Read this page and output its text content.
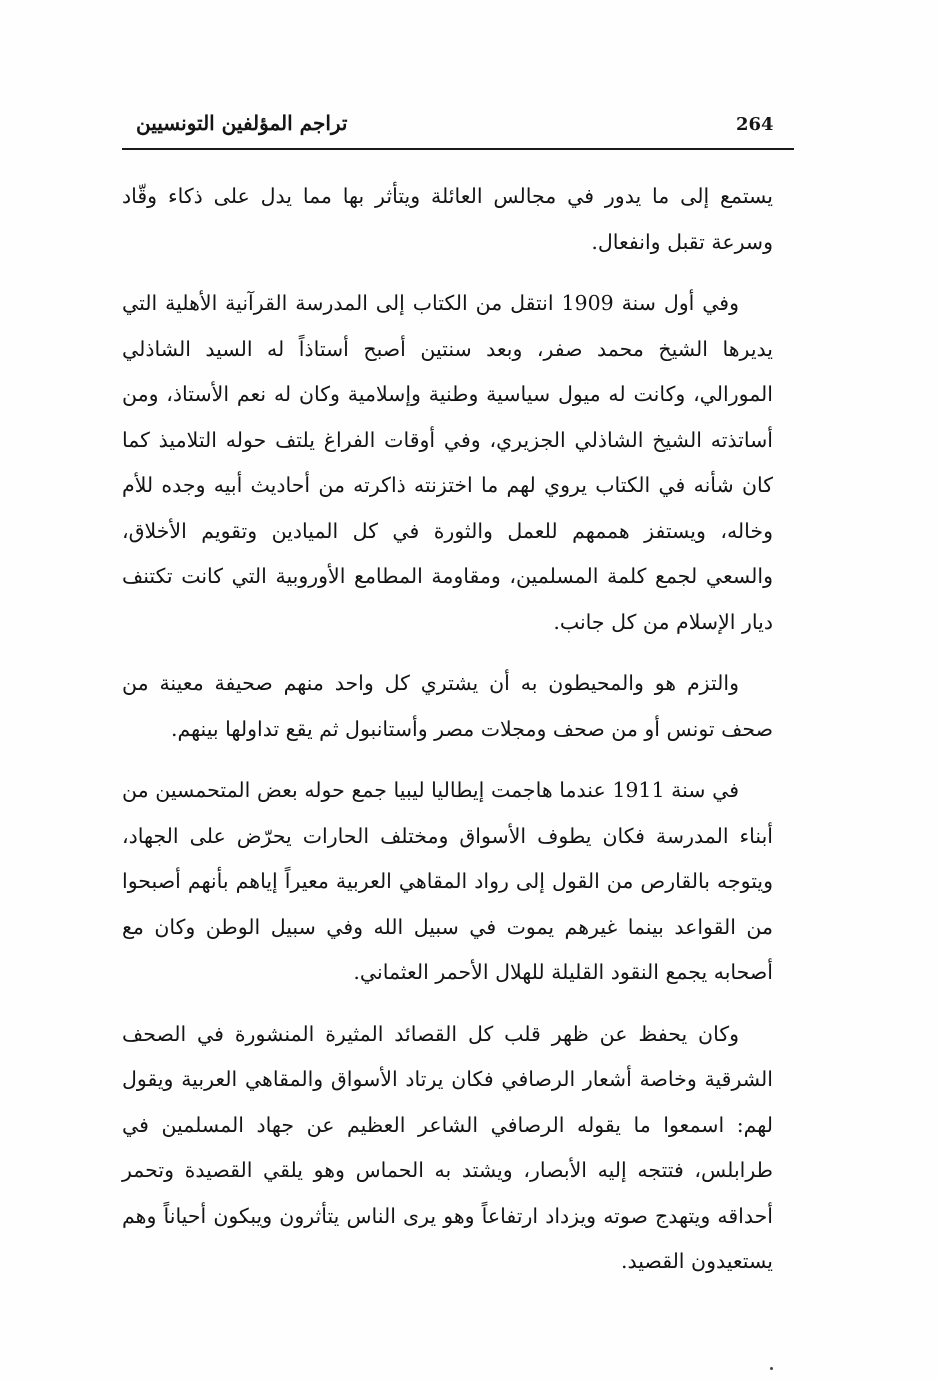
264
تراجم المؤلفين التونسيين

يستمع إلى ما يدور في مجالس العائلة ويتأثر بها مما يدل على ذكاء وقّاد وسرعة تقبل وانفعال.

وفي أول سنة 1909 انتقل من الكتاب إلى المدرسة القرآنية الأهلية التي يديرها الشيخ محمد صفر، وبعد سنتين أصبح أستاذاً له السيد الشاذلي المورالي، وكانت له ميول سياسية وطنية وإسلامية وكان له نعم الأستاذ، ومن أساتذته الشيخ الشاذلي الجزيري، وفي أوقات الفراغ يلتف حوله التلاميذ كما كان شأنه في الكتاب يروي لهم ما اختزنته ذاكرته من أحاديث أبيه وجده للأم وخاله، ويستفز هممهم للعمل والثورة في كل الميادين وتقويم الأخلاق، والسعي لجمع كلمة المسلمين، ومقاومة المطامع الأوروبية التي كانت تكتنف ديار الإسلام من كل جانب.

والتزم هو والمحيطون به أن يشتري كل واحد منهم صحيفة معينة من صحف تونس أو من صحف ومجلات مصر وأستانبول ثم يقع تداولها بينهم.

في سنة 1911 عندما هاجمت إيطاليا ليبيا جمع حوله بعض المتحمسين من أبناء المدرسة فكان يطوف الأسواق ومختلف الحارات يحرّض على الجهاد، ويتوجه بالقارص من القول إلى رواد المقاهي العربية معيراً إياهم بأنهم أصبحوا من القواعد بينما غيرهم يموت في سبيل الله وفي سبيل الوطن وكان مع أصحابه يجمع النقود القليلة للهلال الأحمر العثماني.

وكان يحفظ عن ظهر قلب كل القصائد المثيرة المنشورة في الصحف الشرقية وخاصة أشعار الرصافي فكان يرتاد الأسواق والمقاهي العربية ويقول لهم: اسمعوا ما يقوله الرصافي الشاعر العظيم عن جهاد المسلمين في طرابلس، فتتجه إليه الأبصار، ويشتد به الحماس وهو يلقي القصيدة وتحمر أحداقه ويتهدج صوته ويزداد ارتفاعاً وهو يرى الناس يتأثرون ويبكون أحياناً وهم يستعيدون القصيد.
